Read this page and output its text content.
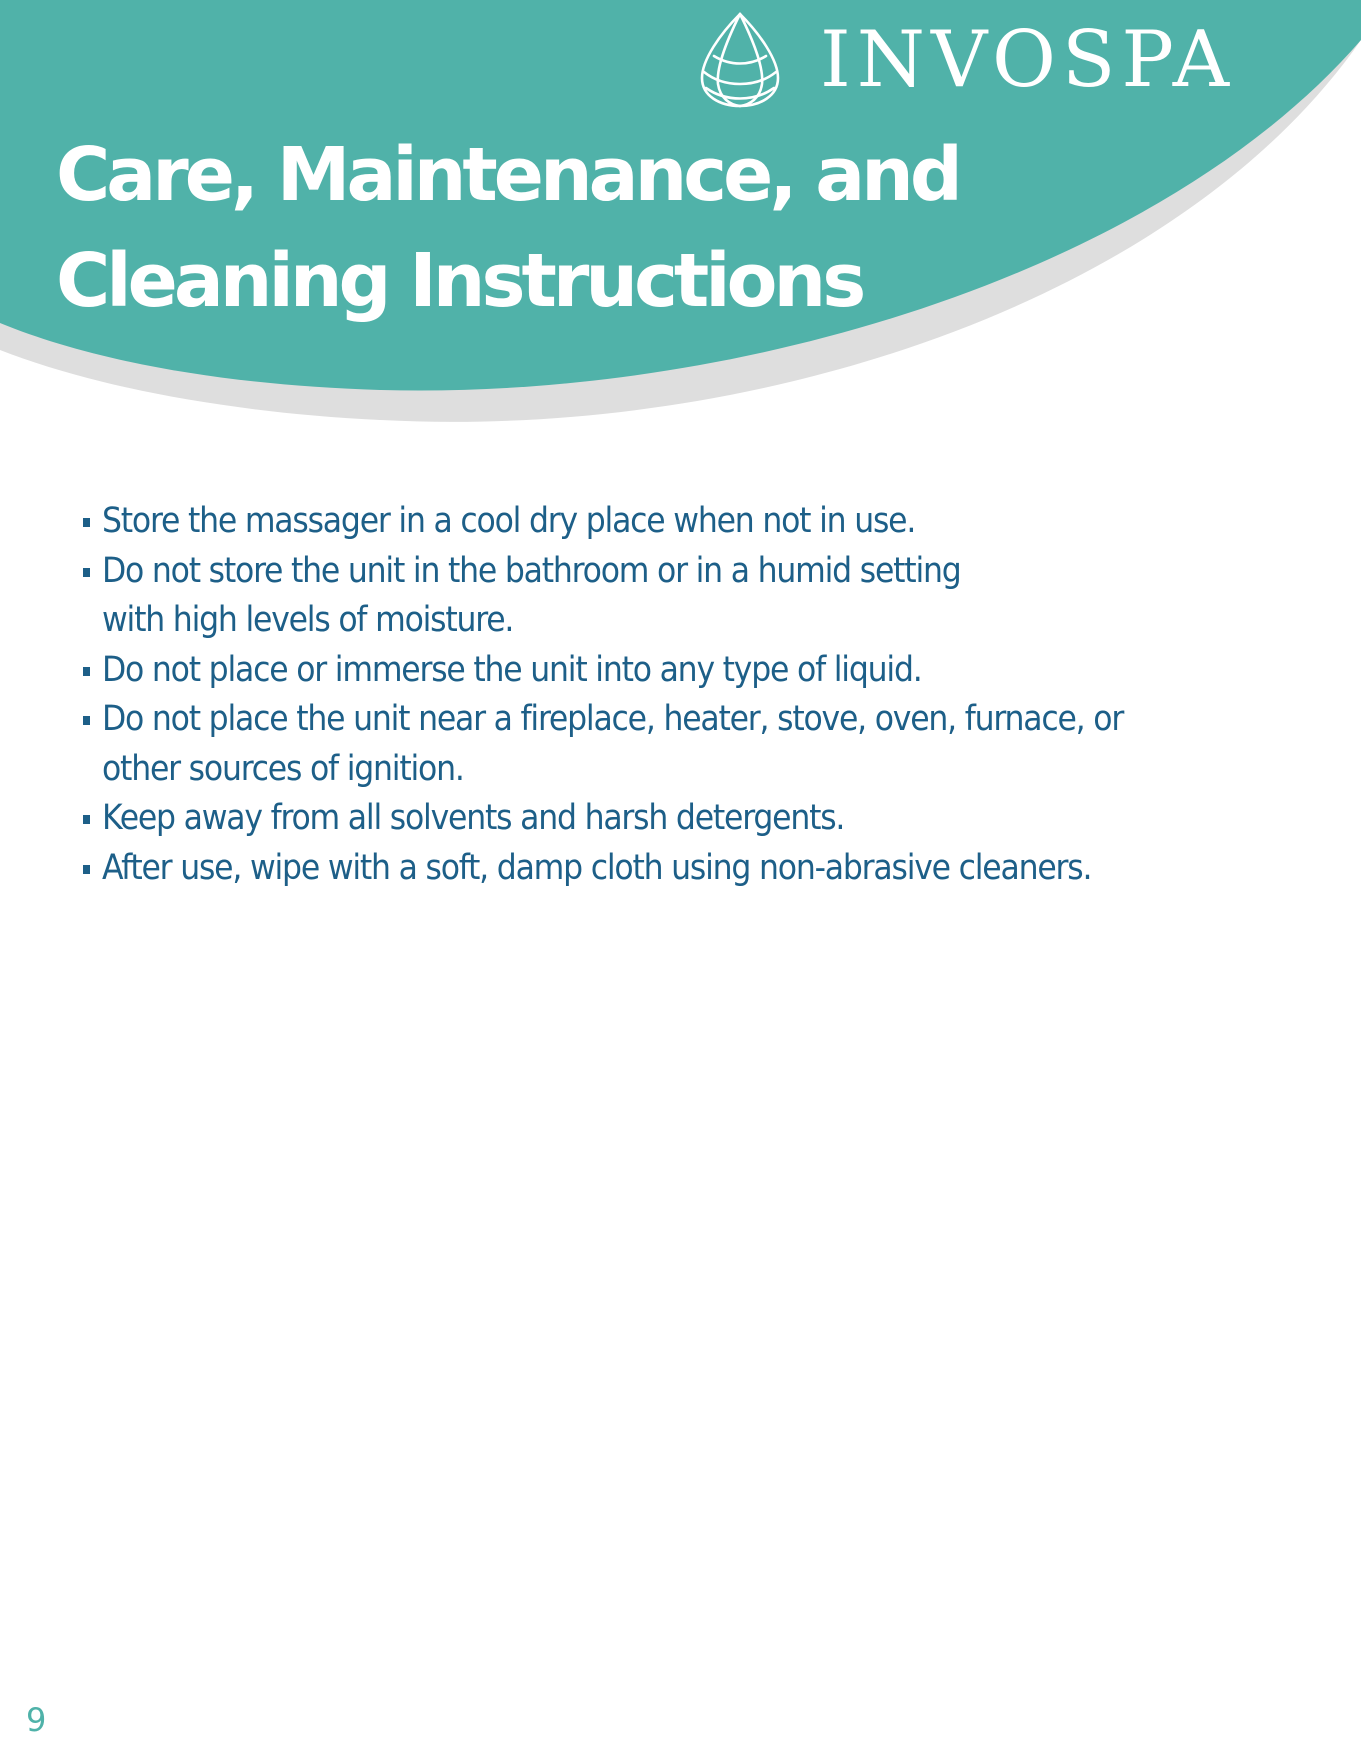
INVOSPA
Care, Maintenance, and
Cleaning Instructions
Store the massager in a cool dry place when not in use.
Do not store the unit in the bathroom or in a humid setting
with high levels of moisture.
Do not place or immerse the unit into any type of liquid.
Do not place the unit near a fireplace, heater, stove, oven, furnace, or
other sources of ignition.
Keep away from all solvents and harsh detergents.
After use, wipe with a soft, damp cloth using non-abrasive cleaners.
9
